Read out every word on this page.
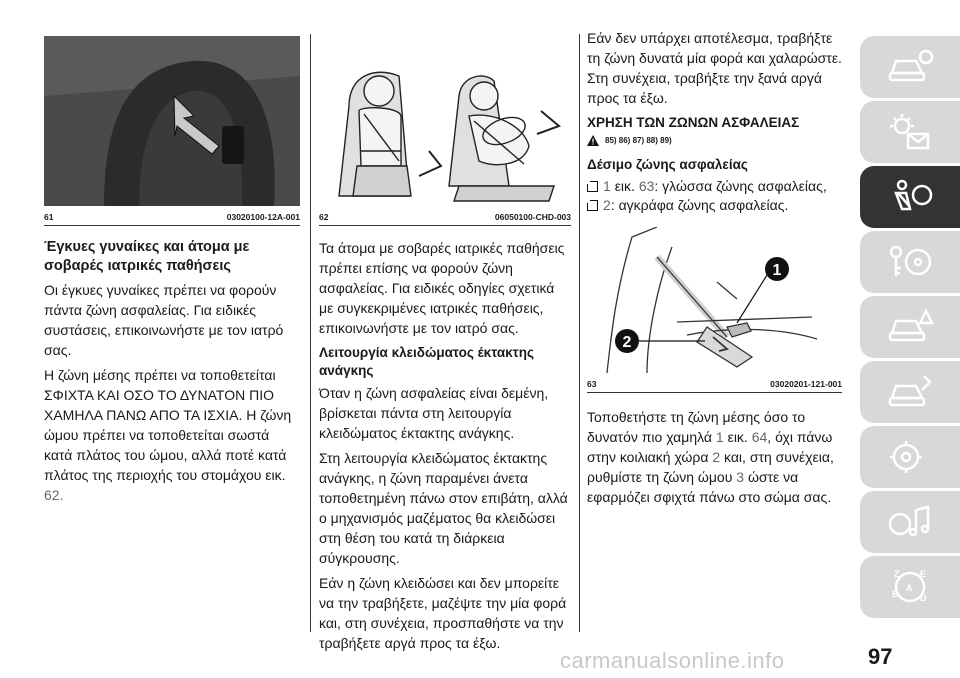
61	03020100-12A-001
Έγκυες γυναίκες και άτομα με σοβαρές ιατρικές παθήσεις

Οι έγκυες γυναίκες πρέπει να φορούν πάντα ζώνη ασφαλείας. Για ειδικές συστάσεις, επικοινωνήστε με τον ιατρό σας.

Η ζώνη μέσης πρέπει να τοποθετείται ΣΦΙΧΤΑ ΚΑΙ ΟΣΟ ΤΟ ΔΥΝΑΤΟΝ ΠΙΟ ΧΑΜΗΛΑ ΠΑΝΩ ΑΠΟ ΤΑ ΙΣΧΙΑ. Η ζώνη ώμου πρέπει να τοποθετείται σωστά κατά πλάτος του ώμου, αλλά ποτέ κατά πλάτος της περιοχής του στομάχου εικ. 62.

62	06050100-CHD-003

Τα άτομα με σοβαρές ιατρικές παθήσεις πρέπει επίσης να φορούν ζώνη ασφαλείας. Για ειδικές οδηγίες σχετικά με συγκεκριμένες ιατρικές παθήσεις, επικοινωνήστε με τον ιατρό σας.

Λειτουργία κλειδώματος έκτακτης ανάγκης

Όταν η ζώνη ασφαλείας είναι δεμένη, βρίσκεται πάντα στη λειτουργία κλειδώματος έκτακτης ανάγκης.

Στη λειτουργία κλειδώματος έκτακτης ανάγκης, η ζώνη παραμένει άνετα τοποθετημένη πάνω στον επιβάτη, αλλά ο μηχανισμός μαζέματος θα κλειδώσει στη θέση του κατά τη διάρκεια σύγκρουσης.

Εάν η ζώνη κλειδώσει και δεν μπορείτε να την τραβήξετε, μαζέψτε την μία φορά και, στη συνέχεια, προσπαθήστε να την τραβήξετε αργά προς τα έξω.

Εάν δεν υπάρχει αποτέλεσμα, τραβήξτε τη ζώνη δυνατά μία φορά και χαλαρώστε. Στη συνέχεια, τραβήξτε την ξανά αργά προς τα έξω.

ΧΡΗΣΗ ΤΩΝ ΖΩΝΩΝ ΑΣΦΑΛΕΙΑΣ
85) 86) 87) 88) 89)
Δέσιμο ζώνης ασφαλείας
1
εικ.
63 : γλώσσα ζώνης ασφαλείας,
2 : αγκράφα ζώνης ασφαλείας.
1
2
63	03020201-121-001

Τοποθετήστε τη ζώνη μέσης όσο το δυνατόν πιο χαμηλά 1 εικ. 64, όχι πάνω στην κοιλιακή χώρα 2 και, στη συνέχεια, ρυθμίστε τη ζώνη ώμου 3 ώστε να εφαρμόζει σφιχτά πάνω στο σώμα σας.

Z E
B
A
D
carmanualsonline.info	97
